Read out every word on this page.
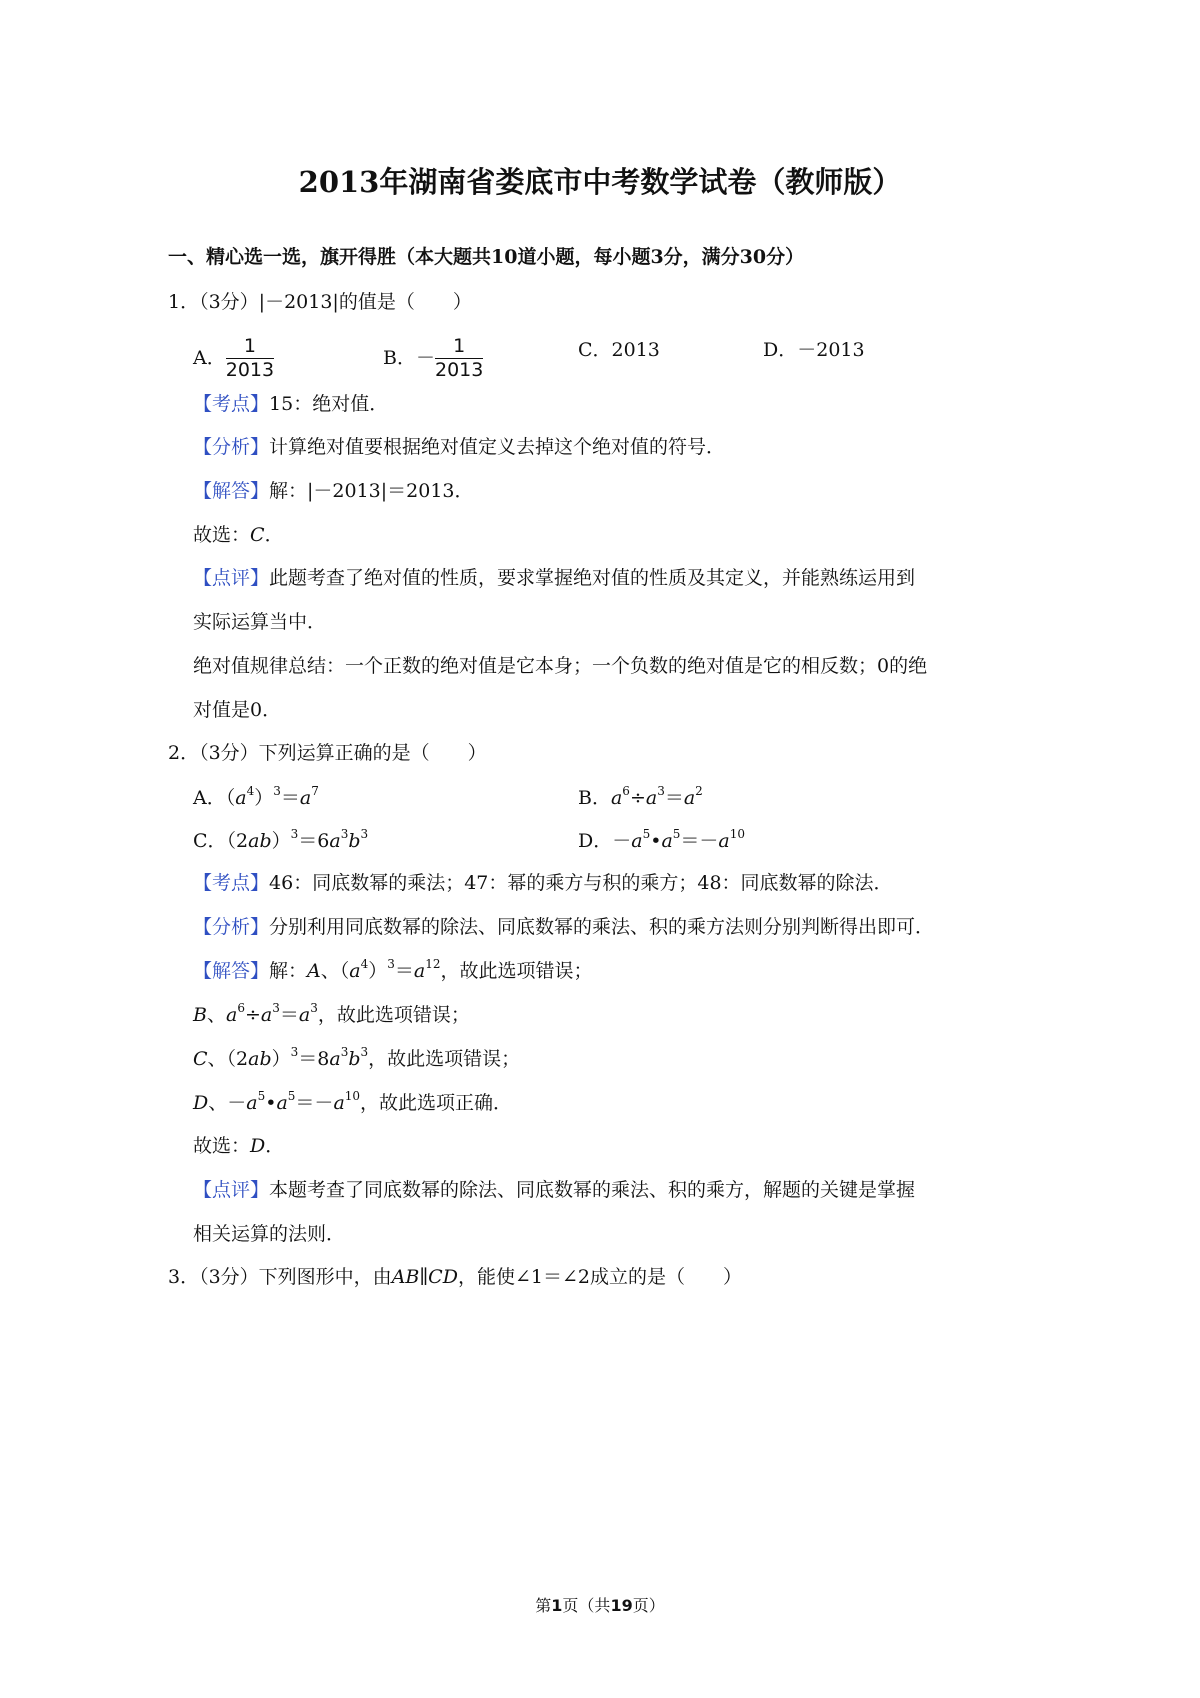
2013年湖南省娄底市中考数学试卷（教师版）
一、精心选一选，旗开得胜（本大题共10道小题，每小题3分，满分30分）
1．（3分）|－2013|的值是（　　）
A． $\frac{1}{2013}$	B．－ $\frac{1}{2013}$	C．2013	D．－2013
【考点】15：绝对值．
【分析】计算绝对值要根据绝对值定义去掉这个绝对值的符号．
【解答】解：|－2013|＝2013．
故选：C．
【点评】此题考查了绝对值的性质，要求掌握绝对值的性质及其定义，并能熟练运用到
实际运算当中．
绝对值规律总结：一个正数的绝对值是它本身；一个负数的绝对值是它的相反数；0的绝
对值是0．
2．（3分）下列运算正确的是（　　）
A．$(a^4)^3=a^7$	B．$a^6\div a^3=a^2$
C．$(2ab)^3=6a^3b^3$	D．$-a^5•a^5=-a^{10}$
【考点】46：同底数幂的乘法；47：幂的乘方与积的乘方；48：同底数幂的除法．
【分析】分别利用同底数幂的除法、同底数幂的乘法、积的乘方法则分别判断得出即可．
【解答】解：A、$(a^4)^3=a^{12}$，故此选项错误；
B、$a^6\div a^3=a^3$，故此选项错误；
C、$(2ab)^3=8a^3b^3$，故此选项错误；
D、$-a^5•a^5=-a^{10}$，故此选项正确．
故选：D．
【点评】本题考查了同底数幂的除法、同底数幂的乘法、积的乘方，解题的关键是掌握
相关运算的法则．
3．（3分）下列图形中，由AB∥CD，能使∠1＝∠2成立的是（　　）
第1页（共19页）
